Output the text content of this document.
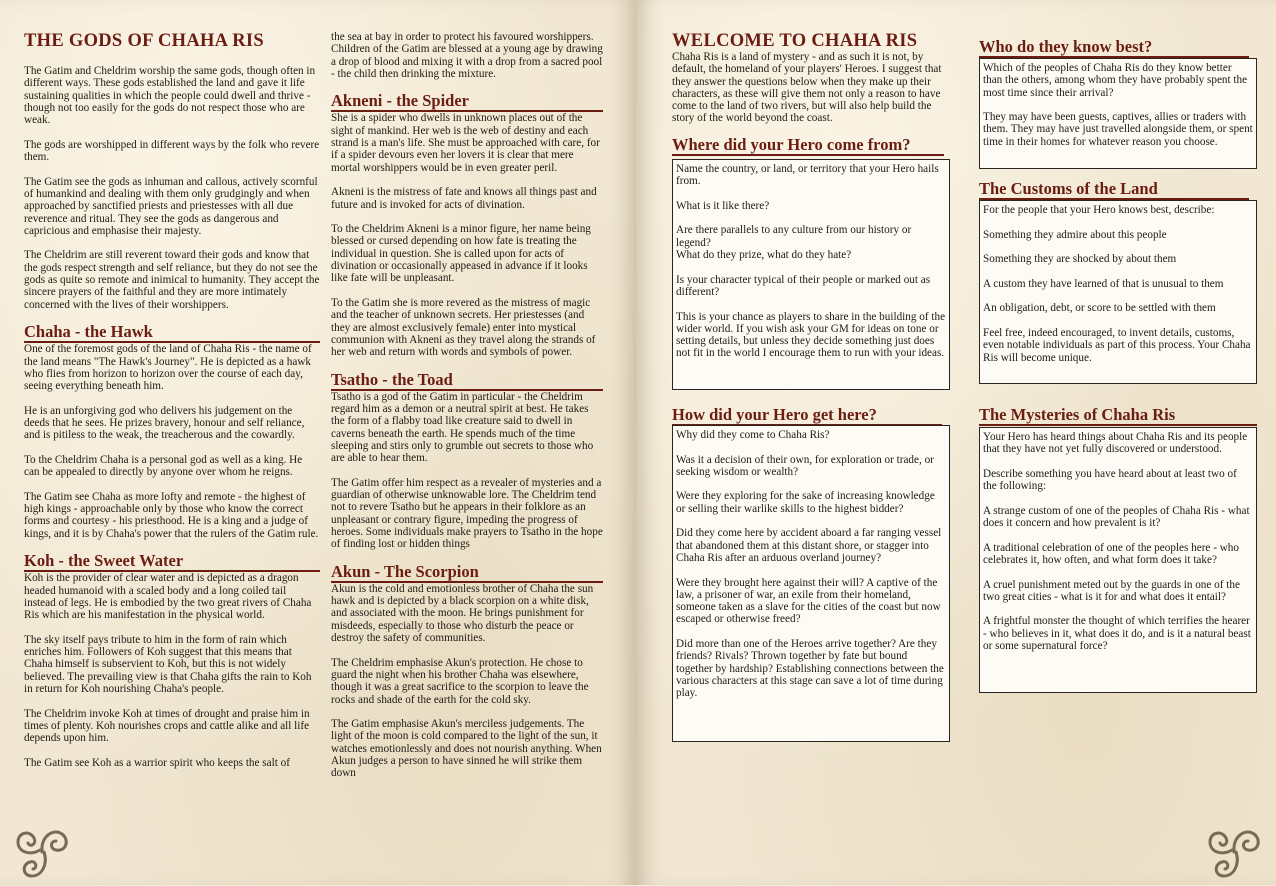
THE GODS OF CHAHA RIS

The Gatim and Cheldrim worship the same gods, though often in different ways. These gods established the land and gave it life sustaining qualities in which the people could dwell and thrive - though not too easily for the gods do not respect those who are weak.

The gods are worshipped in different ways by the folk who revere them.

The Gatim see the gods as inhuman and callous, actively scornful of humankind and dealing with them only grudgingly and when approached by sanctified priests and priestesses with all due reverence and ritual. They see the gods as dangerous and capricious and emphasise their majesty.

The Cheldrim are still reverent toward their gods and know that the gods respect strength and self reliance, but they do not see the gods as quite so remote and inimical to humanity. They accept the sincere prayers of the faithful and they are more intimately concerned with the lives of their worshippers.

Chaha - the Hawk

One of the foremost gods of the land of Chaha Ris - the name of the land means "The Hawk's Journey". He is depicted as a hawk who flies from horizon to horizon over the course of each day, seeing everything beneath him.

He is an unforgiving god who delivers his judgement on the deeds that he sees. He prizes bravery, honour and self reliance, and is pitiless to the weak, the treacherous and the cowardly.

To the Cheldrim Chaha is a personal god as well as a king. He can be appealed to directly by anyone over whom he reigns.

The Gatim see Chaha as more lofty and remote - the highest of high kings - approachable only by those who know the correct forms and courtesy - his priesthood. He is a king and a judge of kings, and it is by Chaha's power that the rulers of the Gatim rule.

Koh - the Sweet Water

Koh is the provider of clear water and is depicted as a dragon headed humanoid with a scaled body and a long coiled tail instead of legs. He is embodied by the two great rivers of Chaha Ris which are his manifestation in the physical world.

The sky itself pays tribute to him in the form of rain which enriches him. Followers of Koh suggest that this means that Chaha himself is subservient to Koh, but this is not widely believed. The prevailing view is that Chaha gifts the rain to Koh in return for Koh nourishing Chaha's people.

The Cheldrim invoke Koh at times of drought and praise him in times of plenty. Koh nourishes crops and cattle alike and all life depends upon him.

The Gatim see Koh as a warrior spirit who keeps the salt of

the sea at bay in order to protect his favoured worshippers. Children of the Gatim are blessed at a young age by drawing a drop of blood and mixing it with a drop from a sacred pool - the child then drinking the mixture.

Akneni - the Spider

She is a spider who dwells in unknown places out of the sight of mankind. Her web is the web of destiny and each strand is a man's life. She must be approached with care, for if a spider devours even her lovers it is clear that mere mortal worshippers would be in even greater peril.

Akneni is the mistress of fate and knows all things past and future and is invoked for acts of divination.

To the Cheldrim Akneni is a minor figure, her name being blessed or cursed depending on how fate is treating the individual in question. She is called upon for acts of divination or occasionally appeased in advance if it looks like fate will be unpleasant.

To the Gatim she is more revered as the mistress of magic and the teacher of unknown secrets. Her priestesses (and they are almost exclusively female) enter into mystical communion with Akneni as they travel along the strands of her web and return with words and symbols of power.

Tsatho - the Toad

Tsatho is a god of the Gatim in particular - the Cheldrim regard him as a demon or a neutral spirit at best. He takes the form of a flabby toad like creature said to dwell in caverns beneath the earth. He spends much of the time sleeping and stirs only to grumble out secrets to those who are able to hear them.

The Gatim offer him respect as a revealer of mysteries and a guardian of otherwise unknowable lore. The Cheldrim tend not to revere Tsatho but he appears in their folklore as an unpleasant or contrary figure, impeding the progress of heroes. Some individuals make prayers to Tsatho in the hope of finding lost or hidden things

Akun - The Scorpion

Akun is the cold and emotionless brother of Chaha the sun hawk and is depicted by a black scorpion on a white disk, and associated with the moon. He brings punishment for misdeeds, especially to those who disturb the peace or destroy the safety of communities.

The Cheldrim emphasise Akun's protection. He chose to guard the night when his brother Chaha was elsewhere, though it was a great sacrifice to the scorpion to leave the rocks and shade of the earth for the cold sky.

The Gatim emphasise Akun's merciless judgements. The light of the moon is cold compared to the light of the sun, it watches emotionlessly and does not nourish anything. When Akun judges a person to have sinned he will strike them down

WELCOME TO CHAHA RIS

Chaha Ris is a land of mystery - and as such it is not, by default, the homeland of your players' Heroes. I suggest that they answer the questions below when they make up their characters, as these will give them not only a reason to have come to the land of two rivers, but will also help build the story of the world beyond the coast.

Where did your Hero come from?

Name the country, or land, or territory that your Hero hails from.

What is it like there?

Are there parallels to any culture from our history or legend?
What do they prize, what do they hate?

Is your character typical of their people or marked out as different?

This is your chance as players to share in the building of the wider world. If you wish ask your GM for ideas on tone or setting details, but unless they decide something just does not fit in the world I encourage them to run with your ideas.

How did your Hero get here?

Why did they come to Chaha Ris?

Was it a decision of their own, for exploration or trade, or seeking wisdom or wealth?

Were they exploring for the sake of increasing knowledge or selling their warlike skills to the highest bidder?

Did they come here by accident aboard a far ranging vessel that abandoned them at this distant shore, or stagger into Chaha Ris after an arduous overland journey?

Were they brought here against their will? A captive of the law, a prisoner of war, an exile from their homeland, someone taken as a slave for the cities of the coast but now escaped or otherwise freed?

Did more than one of the Heroes arrive together? Are they friends? Rivals? Thrown together by fate but bound together by hardship? Establishing connections between the various characters at this stage can save a lot of time during play.

Who do they know best?

Which of the peoples of Chaha Ris do they know better than the others, among whom they have probably spent the most time since their arrival?

They may have been guests, captives, allies or traders with them. They may have just travelled alongside them, or spent time in their homes for whatever reason you choose.

The Customs of the Land

For the people that your Hero knows best, describe:

Something they admire about this people

Something they are shocked by about them

A custom they have learned of that is unusual to them

An obligation, debt, or score to be settled with them

Feel free, indeed encouraged, to invent details, customs, even notable individuals as part of this process. Your Chaha Ris will become unique.

The Mysteries of Chaha Ris

Your Hero has heard things about Chaha Ris and its people that they have not yet fully discovered or understood.

Describe something you have heard about at least two of the following:

A strange custom of one of the peoples of Chaha Ris - what does it concern and how prevalent is it?

A traditional celebration of one of the peoples here - who celebrates it, how often, and what form does it take?

A cruel punishment meted out by the guards in one of the two great cities - what is it for and what does it entail?

A frightful monster the thought of which terrifies the hearer - who believes in it, what does it do, and is it a natural beast or some supernatural force?
